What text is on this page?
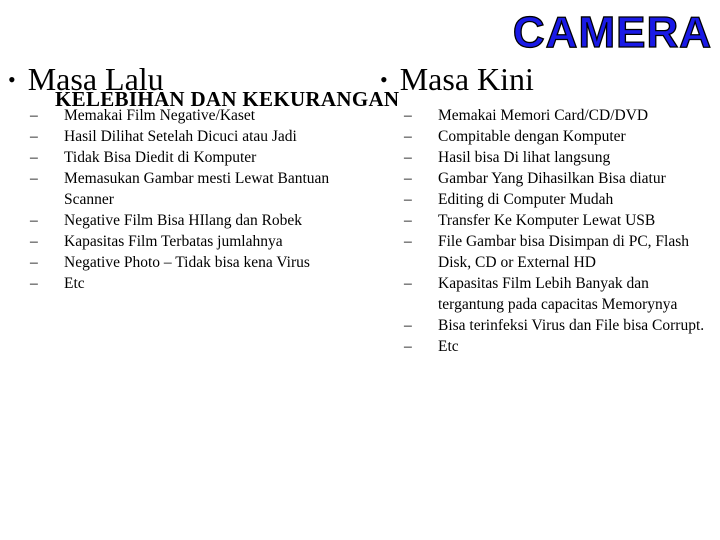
CAMERA
• Masa Lalu	• Masa Kini
–	Memakai Film Negative/Kaset
–	Hasil Dilihat Setelah Dicuci atau Jadi
–	Tidak Bisa Diedit di Komputer
–	Memasukan Gambar mesti Lewat Bantuan Scanner
–	Negative Film Bisa HIlang dan Robek
–	Kapasitas Film Terbatas jumlahnya
–	Negative Photo – Tidak bisa kena Virus
–	Etc
KELEBIHAN DAN KEKURANGAN
–	Memakai Memori Card/CD/DVD
–	Compitable dengan Komputer
–	Hasil bisa Di lihat langsung
–	Gambar Yang Dihasilkan Bisa diatur
–	Editing di Computer Mudah
–	Transfer Ke Komputer Lewat USB
–	File Gambar bisa Disimpan di PC, Flash Disk, CD or External HD
–	Kapasitas Film Lebih Banyak dan tergantung pada capacitas Memorynya
–	Bisa terinfeksi Virus dan File bisa Corrupt.
–	Etc
